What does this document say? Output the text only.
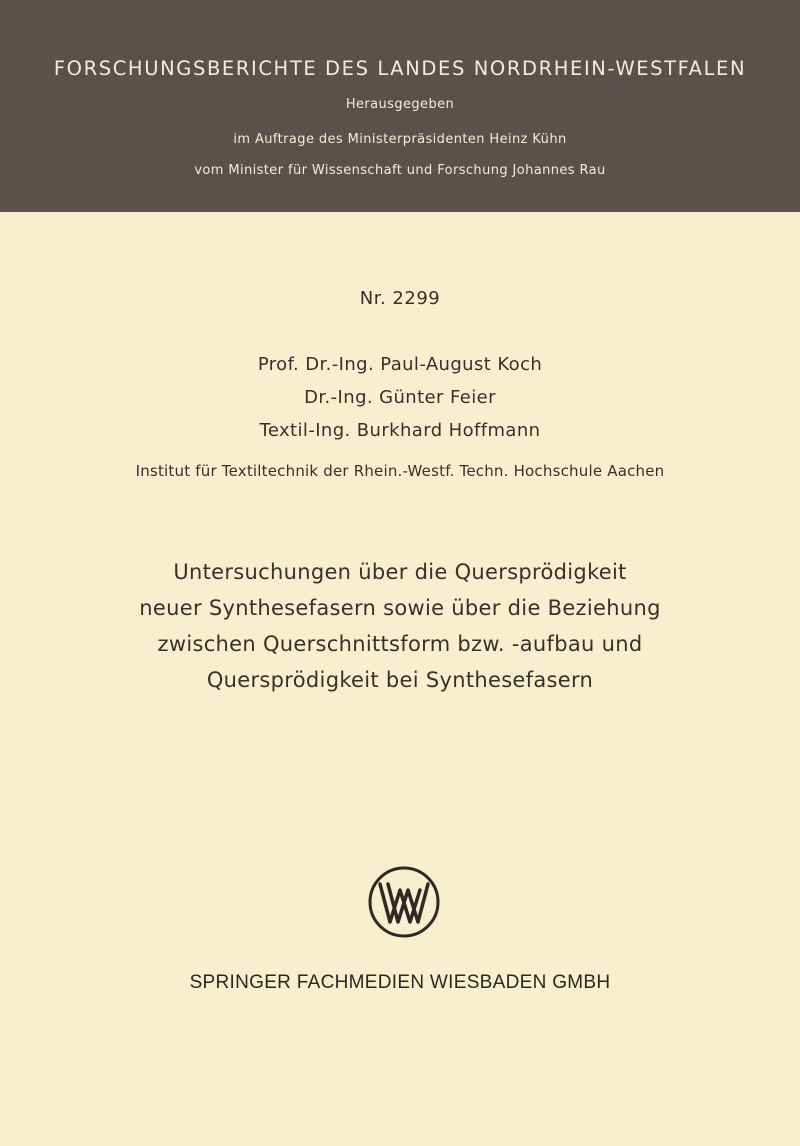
FORSCHUNGSBERICHTE DES LANDES NORDRHEIN-WESTFALEN
Herausgegeben
im Auftrage des Ministerpräsidenten Heinz Kühn
vom Minister für Wissenschaft und Forschung Johannes Rau
Nr. 2299
Prof. Dr.-Ing. Paul-August Koch
Dr.-Ing. Günter Feier
Textil-Ing. Burkhard Hoffmann
Institut für Textiltechnik der Rhein.-Westf. Techn. Hochschule Aachen
Untersuchungen über die Quersprödigkeit
neuer Synthesefasern sowie über die Beziehung
zwischen Querschnittsform bzw. -aufbau und
Quersprödigkeit bei Synthesefasern
SPRINGER FACHMEDIEN WIESBADEN GMBH
